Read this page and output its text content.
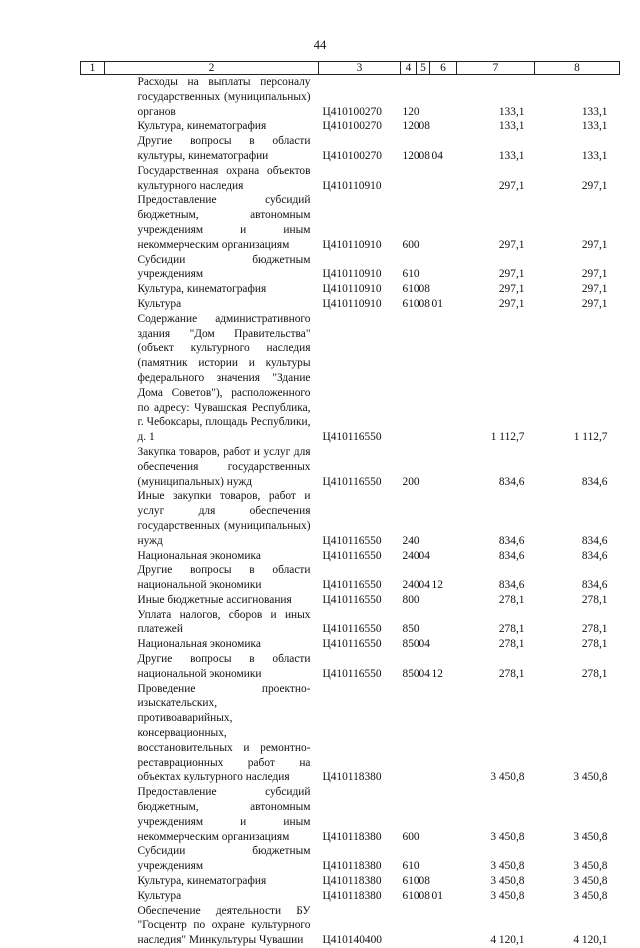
44
1	2	3	4	5	6	7	8
	Расходы на выплаты персоналу государственных (муниципальных) органов	Ц410100270	120			133,1	133,1
	Культура, кинематография	Ц410100270	120	08		133,1	133,1
	Другие вопросы в области культуры, кинематографии	Ц410100270	120	08	04	133,1	133,1
	Государственная охрана объектов культурного наследия	Ц410110910				297,1	297,1
	Предоставление субсидий бюджетным, автономным учреждениям и иным некоммерческим организациям	Ц410110910	600			297,1	297,1
	Субсидии бюджетным учреждениям	Ц410110910	610			297,1	297,1
	Культура, кинематография	Ц410110910	610	08		297,1	297,1
	Культура	Ц410110910	610	08	01	297,1	297,1
	Содержание административного здания "Дом Правительства" (объект культурного наследия (памятник истории и культуры федерального значения "Здание Дома Советов"), расположенного по адресу: Чувашская Республика, г. Чебоксары, площадь Республики, д. 1	Ц410116550				1 112,7	1 112,7
	Закупка товаров, работ и услуг для обеспечения государственных (муниципальных) нужд	Ц410116550	200			834,6	834,6
	Иные закупки товаров, работ и услуг для обеспечения государственных (муниципальных) нужд	Ц410116550	240			834,6	834,6
	Национальная экономика	Ц410116550	240	04		834,6	834,6
	Другие вопросы в области национальной экономики	Ц410116550	240	04	12	834,6	834,6
	Иные бюджетные ассигнования	Ц410116550	800			278,1	278,1
	Уплата налогов, сборов и иных платежей	Ц410116550	850			278,1	278,1
	Национальная экономика	Ц410116550	850	04		278,1	278,1
	Другие вопросы в области национальной экономики	Ц410116550	850	04	12	278,1	278,1
	Проведение проектно-изыскательских, противоаварийных, консервационных, восстановительных и ремонтно-реставрационных работ на объектах культурного наследия	Ц410118380				3 450,8	3 450,8
	Предоставление субсидий бюджетным, автономным учреждениям и иным некоммерческим организациям	Ц410118380	600			3 450,8	3 450,8
	Субсидии бюджетным учреждениям	Ц410118380	610			3 450,8	3 450,8
	Культура, кинематография	Ц410118380	610	08		3 450,8	3 450,8
	Культура	Ц410118380	610	08	01	3 450,8	3 450,8
	Обеспечение деятельности БУ "Госцентр по охране культурного наследия" Минкультуры Чувашии	Ц410140400				4 120,1	4 120,1
